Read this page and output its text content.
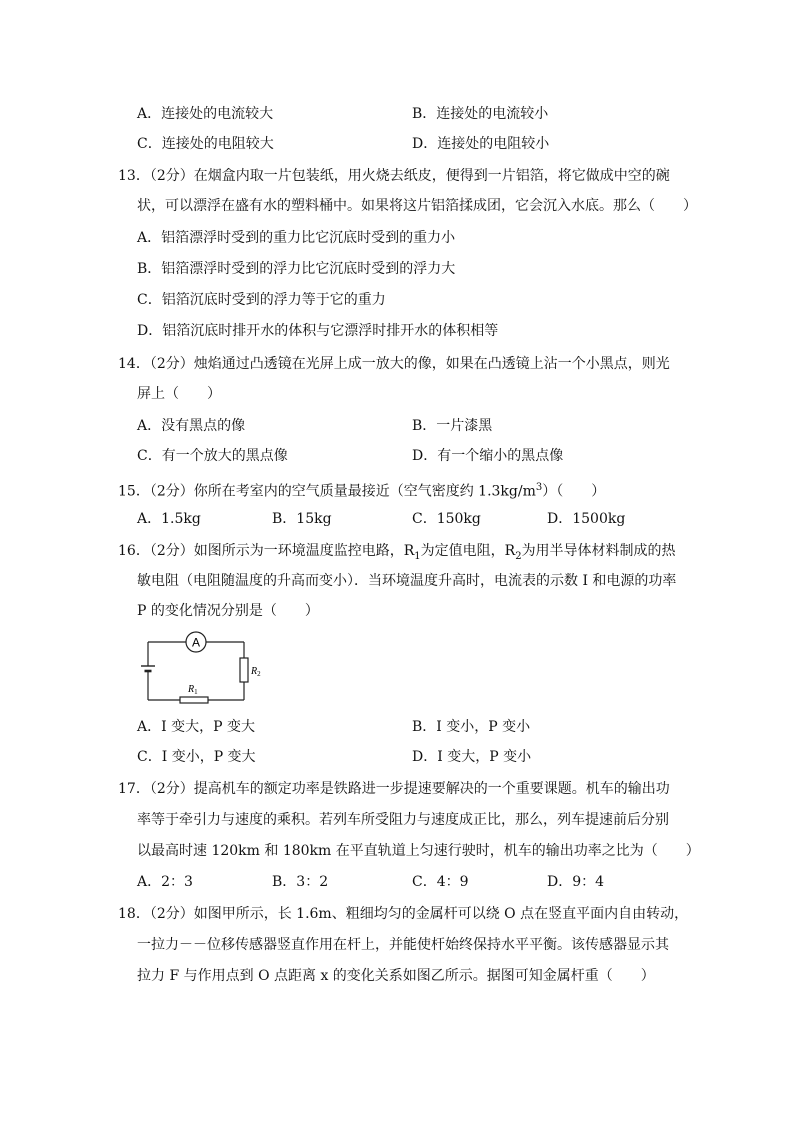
A．连接处的电流较大	B．连接处的电流较小
C．连接处的电阻较大	D．连接处的电阻较小
13．（2分）在烟盒内取一片包装纸，用火烧去纸皮，便得到一片铝箔，将它做成中空的碗
状，可以漂浮在盛有水的塑料桶中。如果将这片铝箔揉成团，它会沉入水底。那么（　　）
A．铝箔漂浮时受到的重力比它沉底时受到的重力小
B．铝箔漂浮时受到的浮力比它沉底时受到的浮力大
C．铝箔沉底时受到的浮力等于它的重力
D．铝箔沉底时排开水的体积与它漂浮时排开水的体积相等
14．（2分）烛焰通过凸透镜在光屏上成一放大的像，如果在凸透镜上沾一个小黑点，则光
屏上（　　）
A．没有黑点的像	B．一片漆黑
C．有一个放大的黑点像	D．有一个缩小的黑点像
15．（2分）你所在考室内的空气质量最接近（空气密度约 $1.3kg/m^3$）（　　）
A．1.5kg	B．15kg	C．150kg	D．1500kg
16．（2分）如图所示为一环境温度监控电路，$R_1$为定值电阻，$R_2$为用半导体材料制成的热
敏电阻（电阻随温度的升高而变小）．当环境温度升高时，电流表的示数 I 和电源的功率
P 的变化情况分别是（　　）
A
$R_2$
$R_1$
A．I 变大，P 变大	B．I 变小，P 变小
C．I 变小，P 变大	D．I 变大，P 变小
17．（2分）提高机车的额定功率是铁路进一步提速要解决的一个重要课题。机车的输出功
率等于牵引力与速度的乘积。若列车所受阻力与速度成正比，那么，列车提速前后分别
以最高时速 120km 和 180km 在平直轨道上匀速行驶时，机车的输出功率之比为（　　）
A．2：3	B．3：2	C．4：9	D．9：4
18．（2分）如图甲所示，长 1.6m、粗细均匀的金属杆可以绕 O 点在竖直平面内自由转动，
一拉力－－位移传感器竖直作用在杆上，并能使杆始终保持水平平衡。该传感器显示其
拉力 F 与作用点到 O 点距离 x 的变化关系如图乙所示。据图可知金属杆重（　　）
